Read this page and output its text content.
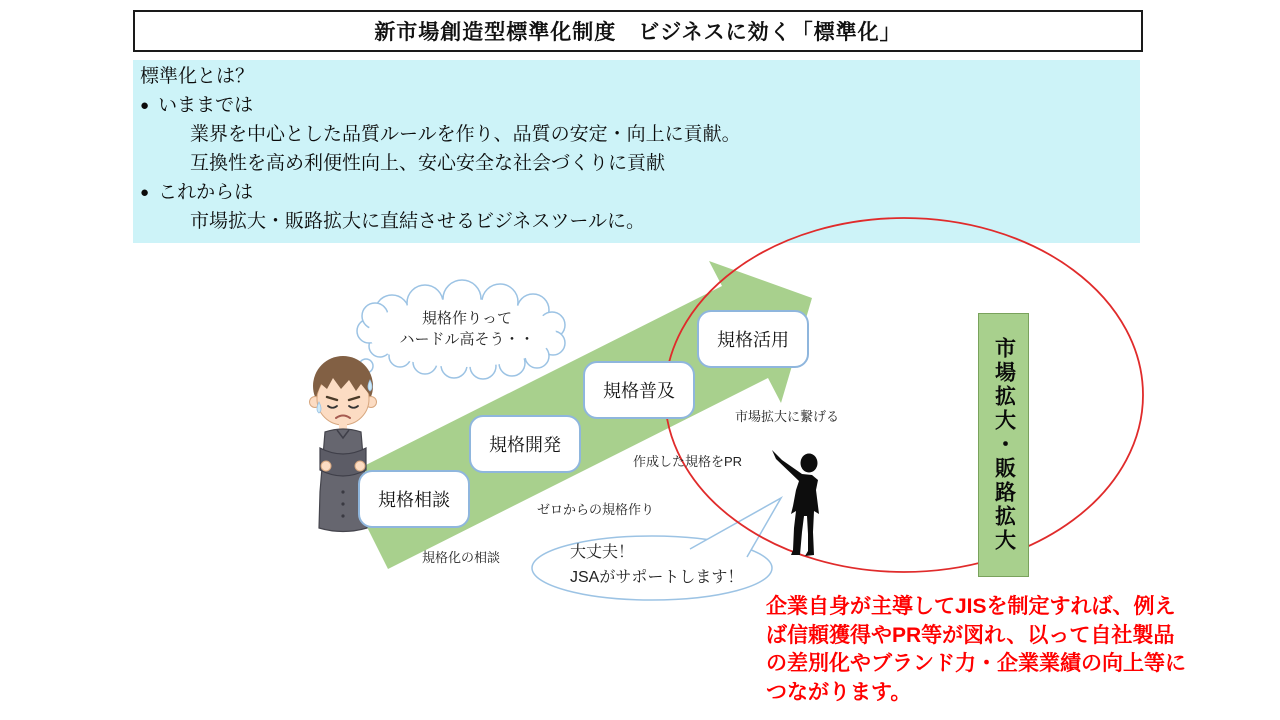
新市場創造型標準化制度　ビジネスに効く「標準化」
標準化とは？
● いままでは
業界を中心とした品質ルールを作り、品質の安定・向上に貢献。
互換性を高め利便性向上、安心安全な社会づくりに貢献
● これからは
市場拡大・販路拡大に直結させるビジネスツールに。
規格相談
規格開発
規格普及
規格活用
規格化の相談
ゼロからの規格作り
作成した規格をPR
市場拡大に繋げる	市場拡大・販路拡大
規格作りって
ハードル高そう・・
大丈夫！
JSAがサポートします！
企業自身が主導してJISを制定すれば、例え
ば信頼獲得やPR等が図れ、以って自社製品
の差別化やブランド力・企業業績の向上等に
つながります。
